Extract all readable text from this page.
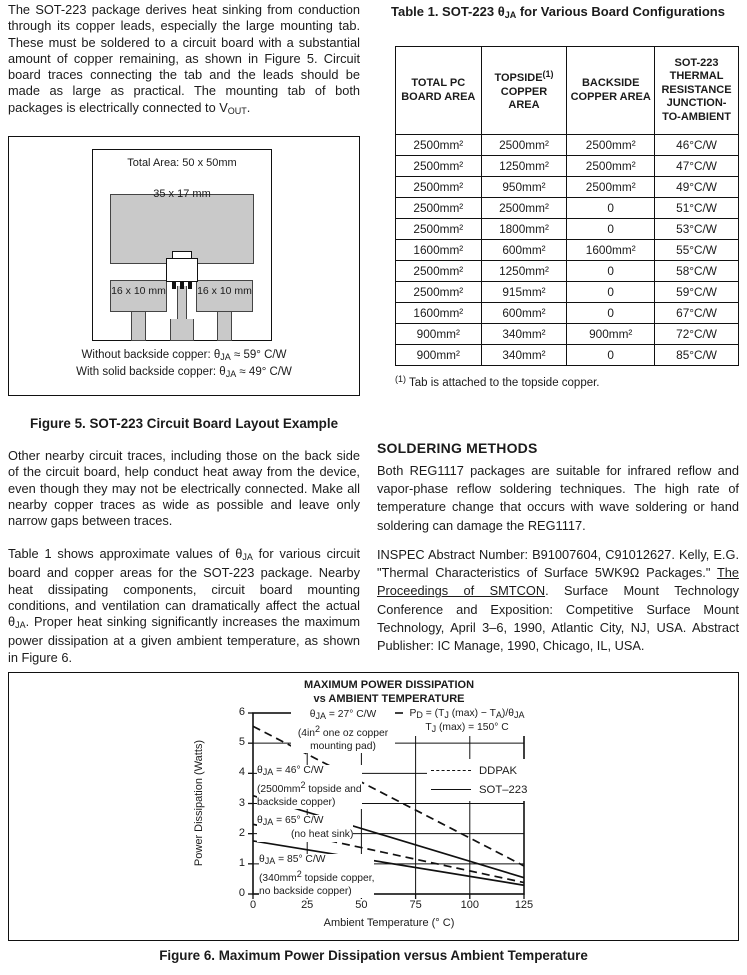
The SOT-223 package derives heat sinking from conduction through its copper leads, especially the large mounting tab. These must be soldered to a circuit board with a substantial amount of copper remaining, as shown in Figure 5. Circuit board traces connecting the tab and the leads should be made as large as practical. The mounting tab of both packages is electrically connected to $V_{OUT}$.
Total Area: 50 x 50mm
35 x 17 mm
16 x 10 mm	16 x 10 mm
Without backside copper: $\theta_{JA} \approx 59^\circ$ C/W
With solid backside copper: $\theta_{JA} \approx 49^\circ$ C/W
Figure 5. SOT-223 Circuit Board Layout Example
Other nearby circuit traces, including those on the back side of the circuit board, help conduct heat away from the device, even though they may not be electrically connected. Make all nearby copper traces as wide as possible and leave only narrow gaps between traces.
Table 1 shows approximate values of $\theta_{JA}$ for various circuit board and copper areas for the SOT-223 package. Nearby heat dissipating components, circuit board mounting conditions, and ventilation can dramatically affect the actual $\theta_{JA}$. Proper heat sinking significantly increases the maximum power dissipation at a given ambient temperature, as shown in Figure 6.
Table 1. SOT-223 $\theta_{JA}$ for Various Board Configurations
TOTAL PC BOARD AREA	TOPSIDE$^{(1)}$ COPPER AREA	BACKSIDE COPPER AREA	SOT-223 THERMAL RESISTANCE JUNCTION-TO-AMBIENT
2500mm²	2500mm²	2500mm²	46°C/W
2500mm²	1250mm²	2500mm²	47°C/W
2500mm²	950mm²	2500mm²	49°C/W
2500mm²	2500mm²	0	51°C/W
2500mm²	1800mm²	0	53°C/W
1600mm²	600mm²	1600mm²	55°C/W
2500mm²	1250mm²	0	58°C/W
2500mm²	915mm²	0	59°C/W
1600mm²	600mm²	0	67°C/W
900mm²	340mm²	900mm²	72°C/W
900mm²	340mm²	0	85°C/W
$^{(1)}$ Tab is attached to the topside copper.
SOLDERING METHODS
Both REG1117 packages are suitable for infrared reflow and vapor-phase reflow soldering techniques. The high rate of temperature change that occurs with wave soldering or hand soldering can damage the REG1117.
INSPEC Abstract Number: B91007604, C91012627. Kelly, E.G. "Thermal Characteristics of Surface 5WK9Ω Packages." The Proceedings of SMTCON. Surface Mount Technology Conference and Exposition: Competitive Surface Mount Technology, April 3–6, 1990, Atlantic City, NJ, USA. Abstract Publisher: IC Manage, 1990, Chicago, IL, USA.
MAXIMUM POWER DISSIPATION
vs AMBIENT TEMPERATURE
0
1
2
3
4
5
6
0	25	50	75	100	125
Ambient Temperature (° C)
Power Dissipation (Watts)
$\theta_{JA} = 27^\circ$ C/W
($4in^2$ one oz copper
mounting pad)
$P_D = (T_J$ $(\max) - T_A)/\theta_{JA}$
$T_J$ (max) = 150° C
$\theta_{JA} = 46^\circ$ C/W
($2500mm^2$ topside and
backside copper)
$\theta_{JA} = 65^\circ$ C/W
(no heat sink)
$\theta_{JA} = 85^\circ$ C/W
($340mm^2$ topside copper,
no backside copper)
DDPAK
SOT–223
Figure 6. Maximum Power Dissipation versus Ambient Temperature
